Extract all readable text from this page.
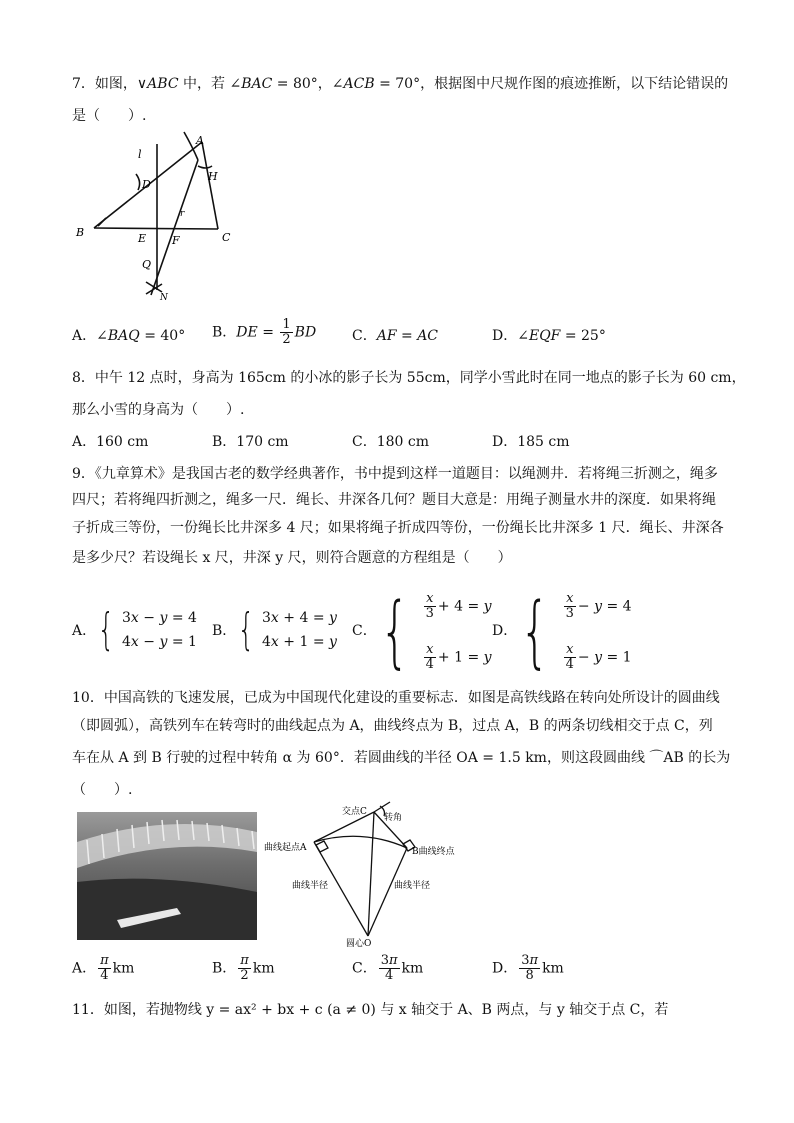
7．如图，∨ABC 中，若 ∠BAC = 80°，∠ACB = 70°，根据图中尺规作图的痕迹推断，以下结论错误的
是（　　）.
A
l
D
H
r
B	E F	C
Q
N
A．∠BAQ = 40° B．DE = $\frac{1}{2}$ BD	C．AF = AC	D．∠EQF = 25°
8．中午 12 点时，身高为 165cm 的小冰的影子长为 55cm，同学小雪此时在同一地点的影子长为 60 cm，
那么小雪的身高为（　　）.
A．160 cm	B．170 cm	C．180 cm	D．185 cm
9．《九章算术》是我国古老的数学经典著作，书中提到这样一道题目：以绳测井．若将绳三折测之，绳多
四尺；若将绳四折测之，绳多一尺．绳长、井深各几何？题目大意是：用绳子测量水井的深度．如果将绳
子折成三等份，一份绳长比井深多 4 尺；如果将绳子折成四等份，一份绳长比井深多 1 尺．绳长、井深各
是多少尺？若设绳长 x 尺，井深 y 尺，则符合题意的方程组是（　　）
A． { 3x − y = 4
4x − y = 1
B． { 3x + 4 = y
4x + 1 = y
C． { $\frac{x}{3} + 4 = y$
$\frac{x}{4} + 1 = y$
D． { $\frac{x}{3} - y = 4$
$\frac{x}{4} - y = 1$
10．中国高铁的飞速发展，已成为中国现代化建设的重要标志．如图是高铁线路在转向处所设计的圆曲线
（即圆弧），高铁列车在转弯时的曲线起点为 A，曲线终点为 B，过点 A，B 的两条切线相交于点 C，列
车在从 A 到 B 行驶的过程中转角 α 为 60°．若圆曲线的半径 OA = 1.5 km，则这段圆曲线 ⌒AB 的长为
（　　）.
交点C
转角
曲线起点A	B曲线终点
曲线半径	曲线半径
圆心O
A． $\frac{\pi}{4}$ km	B． $\frac{\pi}{2}$ km	C． $\frac{3\pi}{4}$ km	D． $\frac{3\pi}{8}$ km
11．如图，若抛物线 y = ax² + bx + c (a ≠ 0) 与 x 轴交于 A、B 两点，与 y 轴交于点 C，若
